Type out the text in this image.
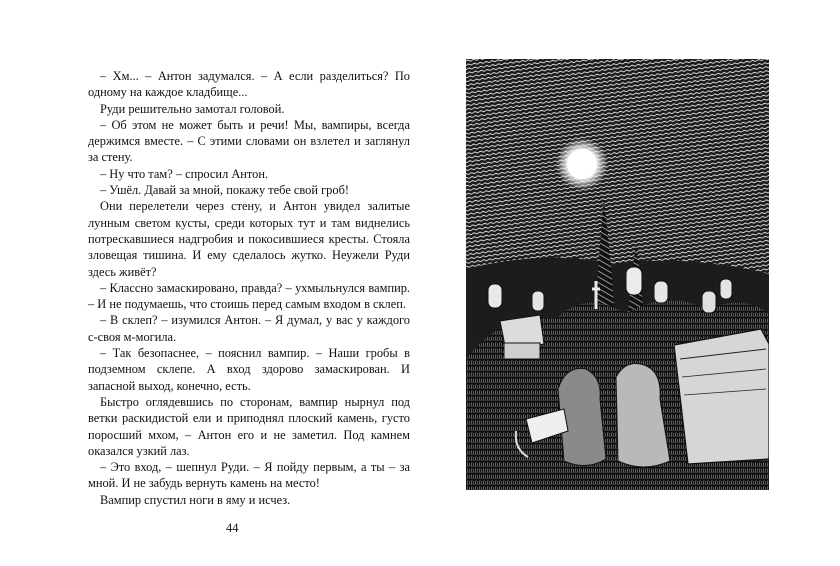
– Хм... – Антон задумался. – А если разделиться? По одному на каждое кладбище...

Руди решительно замотал головой.

– Об этом не может быть и речи! Мы, вампиры, всегда держимся вместе. – С этими словами он взлетел и заглянул за стену.

– Ну что там? – спросил Антон.

– Ушёл. Давай за мной, покажу тебе свой гроб!

Они перелетели через стену, и Антон увидел залитые лунным светом кусты, среди которых тут и там виднелись потрескавшиеся надгробия и покосившиеся кресты. Стояла зловещая тишина. И ему сделалось жутко. Неужели Руди здесь живёт?

– Классно замаскировано, правда? – ухмыльнулся вампир. – И не подумаешь, что стоишь перед самым входом в склеп.

– В склеп? – изумился Антон. – Я думал, у вас у каждого с-своя м-могила.

– Так безопаснее, – пояснил вампир. – Наши гробы в подземном склепе. А вход здорово замаскирован. И запасной выход, конечно, есть.

Быстро оглядевшись по сторонам, вампир нырнул под ветки раскидистой ели и приподнял плоский камень, густо поросший мхом, – Антон его и не заметил. Под камнем оказался узкий лаз.

– Это вход, – шепнул Руди. – Я пойду первым, а ты – за мной. И не забудь вернуть камень на место!

Вампир спустил ноги в яму и исчез.

44
